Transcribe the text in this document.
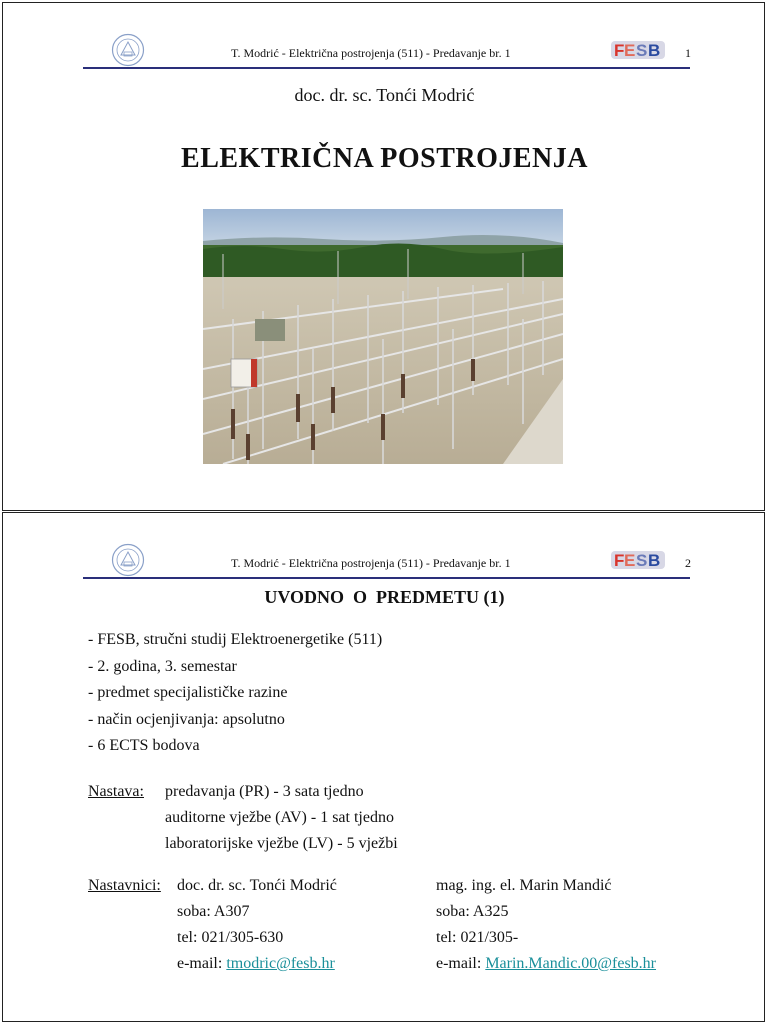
T. Modrić - Električna postrojenja (511) - Predavanje br. 1	F E S B 1
doc. dr. sc. Tonći Modrić
ELEKTRIČNA POSTROJENJA
T. Modrić - Električna postrojenja (511) - Predavanje br. 1	F E S B 2
UVODNO  O  PREDMETU (1)
- FESB, stručni studij Elektroenergetike (511)
- 2. godina, 3. semestar
- predmet specijalističke razine
- način ocjenjivanja: apsolutno
- 6 ECTS bodova
Nastava: predavanja (PR) - 3 sata tjedno
auditorne vježbe (AV) - 1 sat tjedno
laboratorijske vježbe (LV) - 5 vježbi
Nastavnici: doc. dr. sc. Tonći Modrić
soba: A307
tel: 021/305-630
e-mail: tmodric@fesb.hr
mag. ing. el. Marin Mandić
soba: A325
tel: 021/305-
e-mail: Marin.Mandic.00@fesb.hr
